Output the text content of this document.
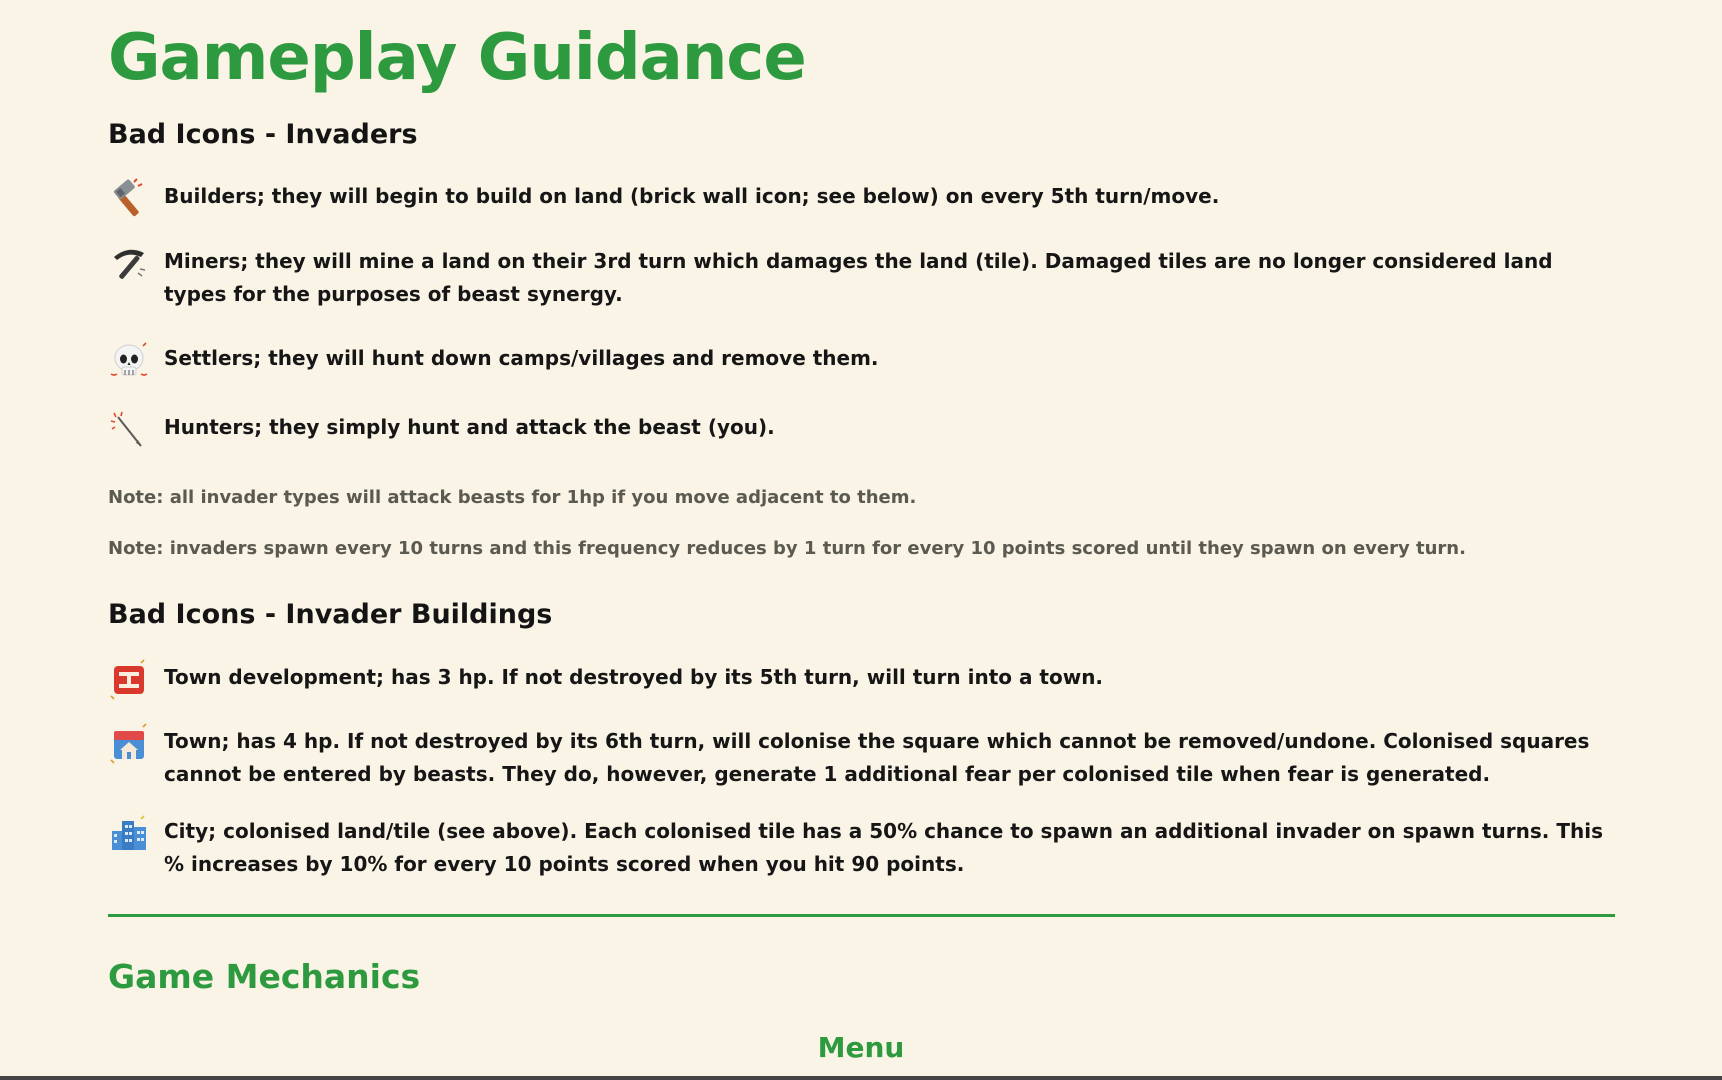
Gameplay Guidance
Bad Icons - Invaders
Builders; they will begin to build on land (brick wall icon; see below) on every 5th turn/move.
Miners; they will mine a land on their 3rd turn which damages the land (tile). Damaged tiles are no longer considered land types for the purposes of beast synergy.
Settlers; they will hunt down camps/villages and remove them.
Hunters; they simply hunt and attack the beast (you).
Note: all invader types will attack beasts for 1hp if you move adjacent to them.
Note: invaders spawn every 10 turns and this frequency reduces by 1 turn for every 10 points scored until they spawn on every turn.
Bad Icons - Invader Buildings
Town development; has 3 hp. If not destroyed by its 5th turn, will turn into a town.
Town; has 4 hp. If not destroyed by its 6th turn, will colonise the square which cannot be removed/undone. Colonised squares cannot be entered by beasts. They do, however, generate 1 additional fear per colonised tile when fear is generated.
City; colonised land/tile (see above). Each colonised tile has a 50% chance to spawn an additional invader on spawn turns. This % increases by 10% for every 10 points scored when you hit 90 points.
Game Mechanics
Menu
